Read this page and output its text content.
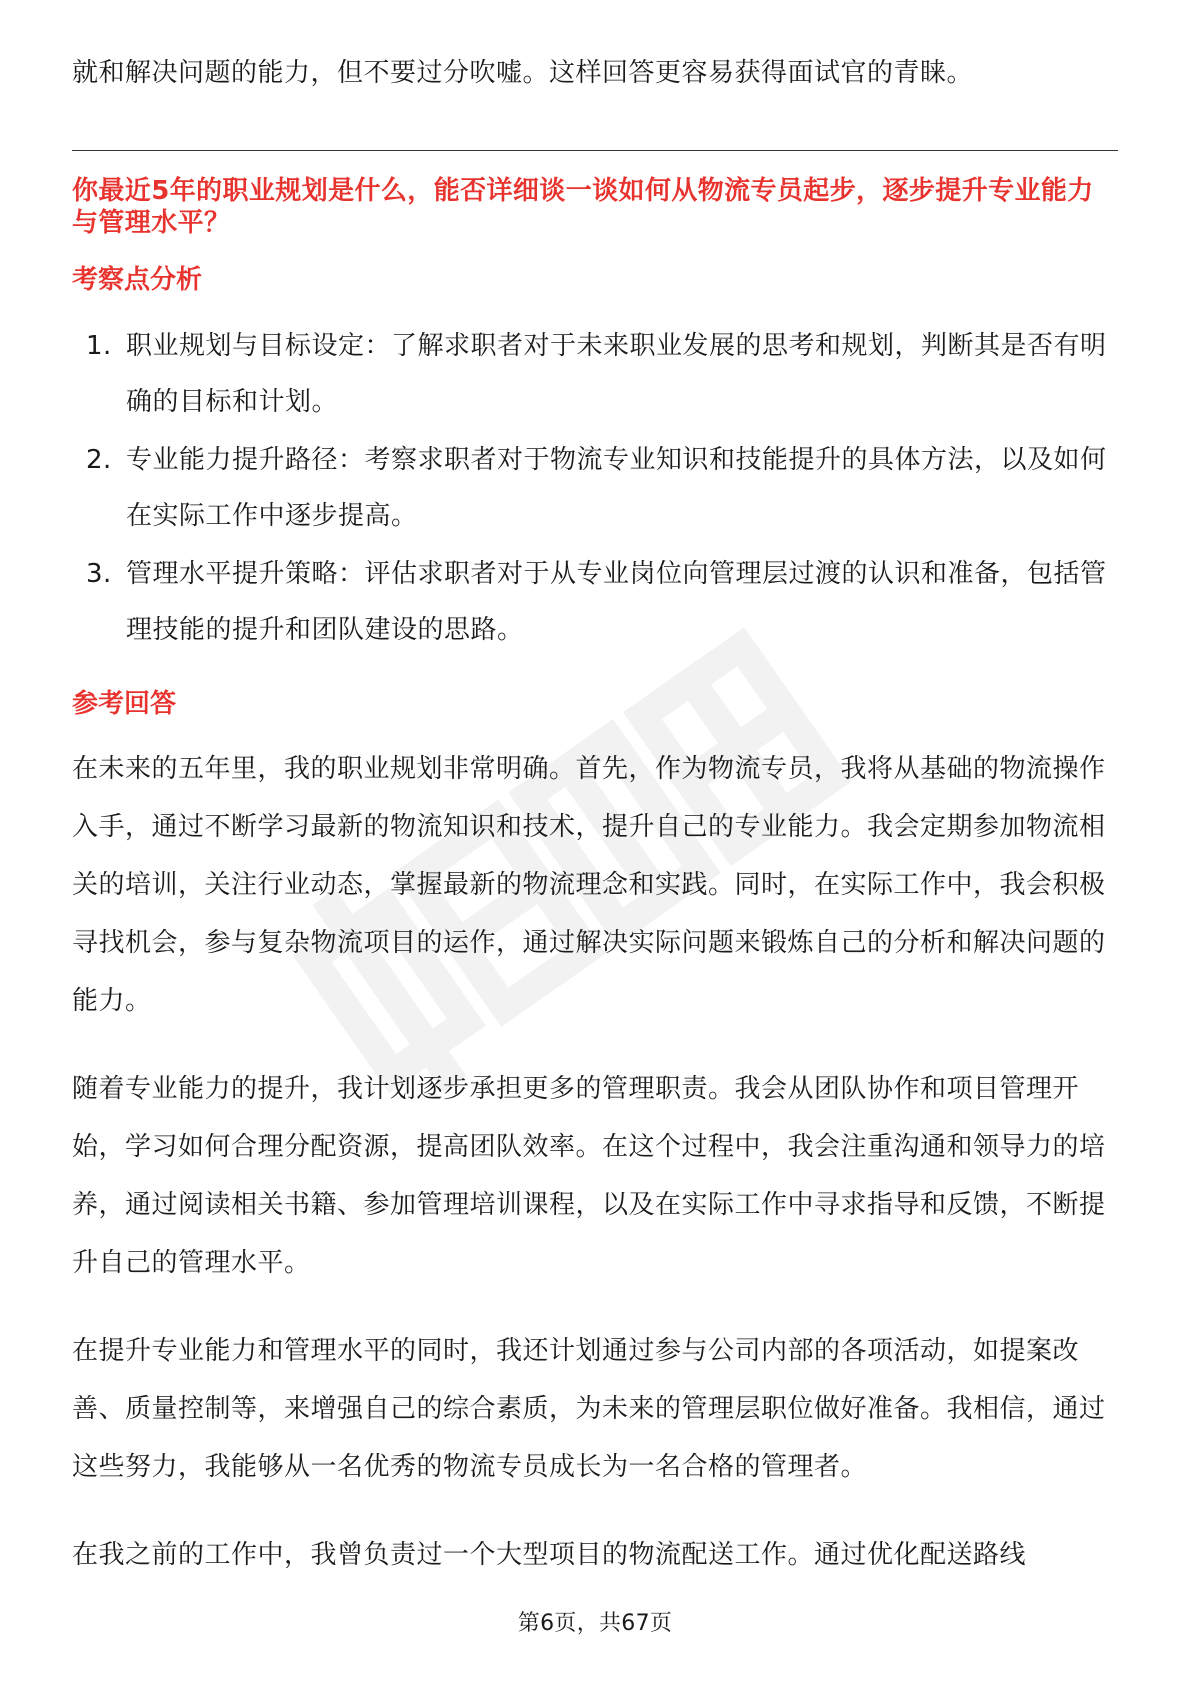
就和解决问题的能力，但不要过分吹嘘。这样回答更容易获得面试官的青睐。

你最近5年的职业规划是什么，能否详细谈一谈如何从物流专员起步，逐步提升专业能力与管理水平？
考察点分析
1. 职业规划与目标设定：了解求职者对于未来职业发展的思考和规划，判断其是否有明确的目标和计划。
2. 专业能力提升路径：考察求职者对于物流专业知识和技能提升的具体方法，以及如何在实际工作中逐步提高。
3. 管理水平提升策略：评估求职者对于从专业岗位向管理层过渡的认识和准备，包括管理技能的提升和团队建设的思路。
参考回答

在未来的五年里，我的职业规划非常明确。首先，作为物流专员，我将从基础的物流操作入手，通过不断学习最新的物流知识和技术，提升自己的专业能力。我会定期参加物流相关的培训，关注行业动态，掌握最新的物流理念和实践。同时，在实际工作中，我会积极寻找机会，参与复杂物流项目的运作，通过解决实际问题来锻炼自己的分析和解决问题的能力。

随着专业能力的提升，我计划逐步承担更多的管理职责。我会从团队协作和项目管理开始，学习如何合理分配资源，提高团队效率。在这个过程中，我会注重沟通和领导力的培养，通过阅读相关书籍、参加管理培训课程，以及在实际工作中寻求指导和反馈，不断提升自己的管理水平。

在提升专业能力和管理水平的同时，我还计划通过参与公司内部的各项活动，如提案改善、质量控制等，来增强自己的综合素质，为未来的管理层职位做好准备。我相信，通过这些努力，我能够从一名优秀的物流专员成长为一名合格的管理者。

在我之前的工作中，我曾负责过一个大型项目的物流配送工作。通过优化配送路线

第6页，共67页
